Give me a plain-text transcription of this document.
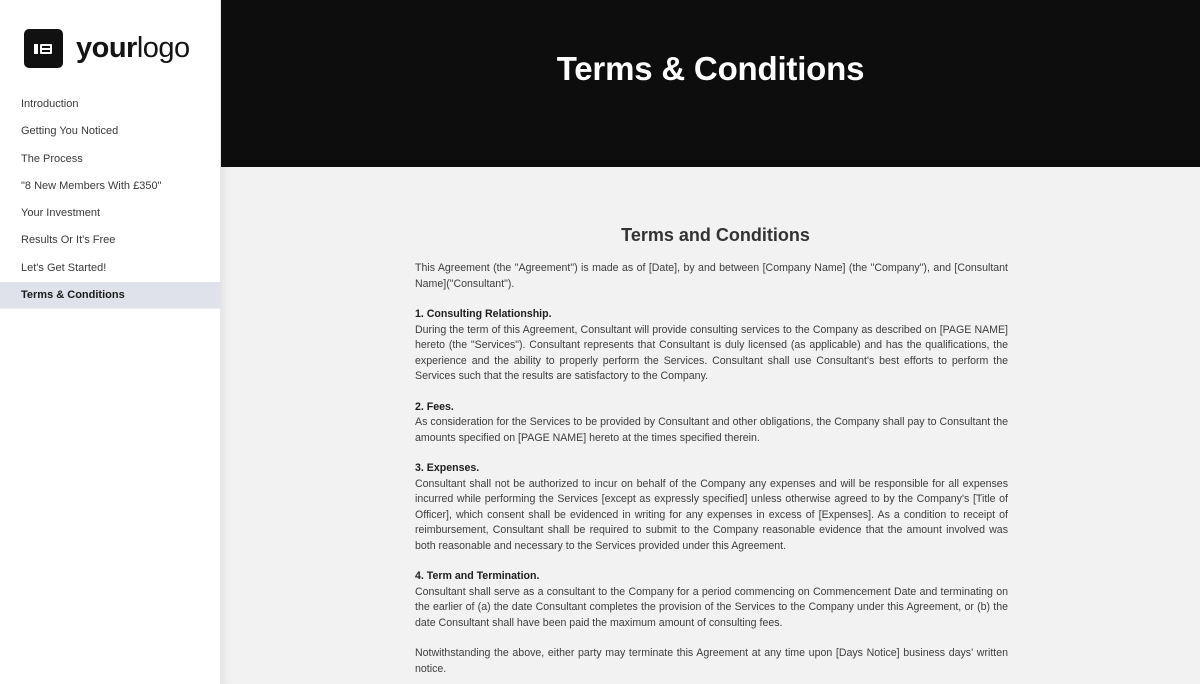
yourlogo
Introduction
Getting You Noticed
The Process
"8 New Members With £350"
Your Investment
Results Or It's Free
Let's Get Started!
Terms & Conditions
Terms & Conditions
Terms and Conditions

This Agreement (the "Agreement") is made as of [Date], by and between [Company Name] (the "Company"), and [Consultant Name]("Consultant").

1. Consulting Relationship.

During the term of this Agreement, Consultant will provide consulting services to the Company as described on [PAGE NAME] hereto (the "Services"). Consultant represents that Consultant is duly licensed (as applicable) and has the qualifications, the experience and the ability to properly perform the Services. Consultant shall use Consultant's best efforts to perform the Services such that the results are satisfactory to the Company.

2. Fees.

As consideration for the Services to be provided by Consultant and other obligations, the Company shall pay to Consultant the amounts specified on [PAGE NAME] hereto at the times specified therein.

3. Expenses.

Consultant shall not be authorized to incur on behalf of the Company any expenses and will be responsible for all expenses incurred while performing the Services [except as expressly specified] unless otherwise agreed to by the Company's [Title of Officer], which consent shall be evidenced in writing for any expenses in excess of [Expenses]. As a condition to receipt of reimbursement, Consultant shall be required to submit to the Company reasonable evidence that the amount involved was both reasonable and necessary to the Services provided under this Agreement.

4. Term and Termination.

Consultant shall serve as a consultant to the Company for a period commencing on Commencement Date and terminating on the earlier of (a) the date Consultant completes the provision of the Services to the Company under this Agreement, or (b) the date Consultant shall have been paid the maximum amount of consulting fees.

Notwithstanding the above, either party may terminate this Agreement at any time upon [Days Notice] business days' written notice.
